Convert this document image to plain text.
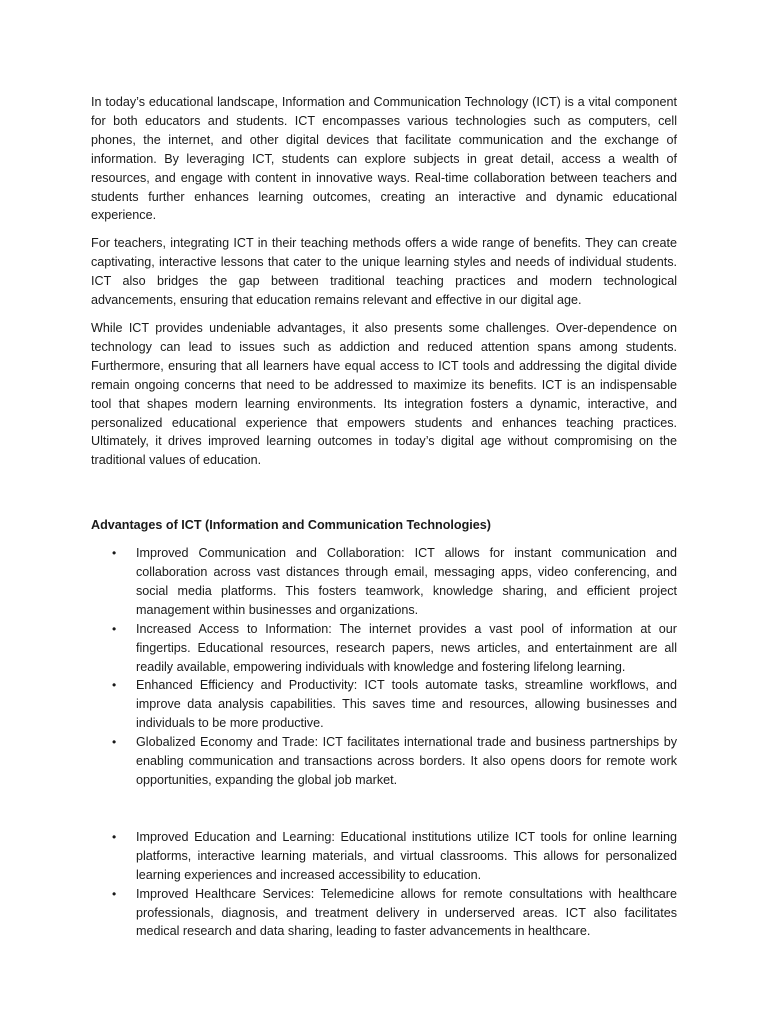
In today’s educational landscape, Information and Communication Technology (ICT) is a vital component for both educators and students. ICT encompasses various technologies such as computers, cell phones, the internet, and other digital devices that facilitate communication and the exchange of information. By leveraging ICT, students can explore subjects in great detail, access a wealth of resources, and engage with content in innovative ways. Real-time collaboration between teachers and students further enhances learning outcomes, creating an interactive and dynamic educational experience.

For teachers, integrating ICT in their teaching methods offers a wide range of benefits. They can create captivating, interactive lessons that cater to the unique learning styles and needs of individual students. ICT also bridges the gap between traditional teaching practices and modern technological advancements, ensuring that education remains relevant and effective in our digital age.

While ICT provides undeniable advantages, it also presents some challenges. Over-dependence on technology can lead to issues such as addiction and reduced attention spans among students. Furthermore, ensuring that all learners have equal access to ICT tools and addressing the digital divide remain ongoing concerns that need to be addressed to maximize its benefits. ICT is an indispensable tool that shapes modern learning environments. Its integration fosters a dynamic, interactive, and personalized educational experience that empowers students and enhances teaching practices. Ultimately, it drives improved learning outcomes in today’s digital age without compromising on the traditional values of education.

Advantages of ICT (Information and Communication Technologies)
• Improved Communication and Collaboration: ICT allows for instant communication and collaboration across vast distances through email, messaging apps, video conferencing, and social media platforms. This fosters teamwork, knowledge sharing, and efficient project management within businesses and organizations.
• Increased Access to Information: The internet provides a vast pool of information at our fingertips. Educational resources, research papers, news articles, and entertainment are all readily available, empowering individuals with knowledge and fostering lifelong learning.
• Enhanced Efficiency and Productivity: ICT tools automate tasks, streamline workflows, and improve data analysis capabilities. This saves time and resources, allowing businesses and individuals to be more productive.
• Globalized Economy and Trade: ICT facilitates international trade and business partnerships by enabling communication and transactions across borders. It also opens doors for remote work opportunities, expanding the global job market.
• Improved Education and Learning: Educational institutions utilize ICT tools for online learning platforms, interactive learning materials, and virtual classrooms. This allows for personalized learning experiences and increased accessibility to education.
• Improved Healthcare Services: Telemedicine allows for remote consultations with healthcare professionals, diagnosis, and treatment delivery in underserved areas. ICT also facilitates medical research and data sharing, leading to faster advancements in healthcare.
